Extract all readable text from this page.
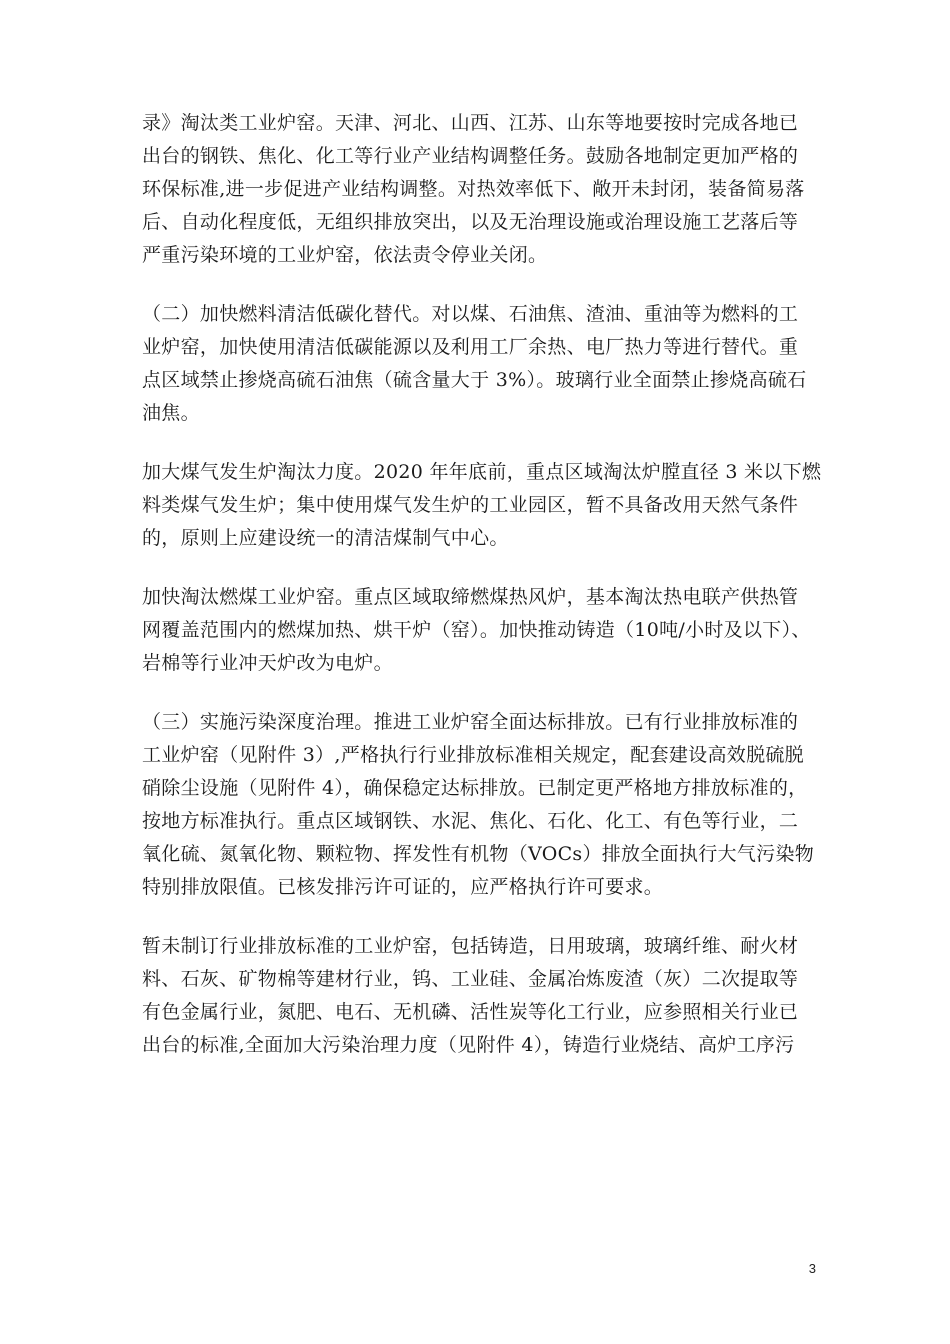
录》淘汰类工业炉窑。天津、河北、山西、江苏、山东等地要按时完成各地已
出台的钢铁、焦化、化工等行业产业结构调整任务。鼓励各地制定更加严格的
环保标准,进一步促进产业结构调整。对热效率低下、敞开未封闭，装备简易落
后、自动化程度低，无组织排放突出，以及无治理设施或治理设施工艺落后等
严重污染环境的工业炉窑，依法责令停业关闭。

（二）加快燃料清洁低碳化替代。对以煤、石油焦、渣油、重油等为燃料的工
业炉窑，加快使用清洁低碳能源以及利用工厂余热、电厂热力等进行替代。重
点区域禁止掺烧高硫石油焦（硫含量大于 3%）。玻璃行业全面禁止掺烧高硫石
油焦。

加大煤气发生炉淘汰力度。2020 年年底前，重点区域淘汰炉膛直径 3 米以下燃
料类煤气发生炉；集中使用煤气发生炉的工业园区，暂不具备改用天然气条件
的，原则上应建设统一的清洁煤制气中心。

加快淘汰燃煤工业炉窑。重点区域取缔燃煤热风炉，基本淘汰热电联产供热管
网覆盖范围内的燃煤加热、烘干炉（窑）。加快推动铸造（10吨/小时及以下）、
岩棉等行业冲天炉改为电炉。

（三）实施污染深度治理。推进工业炉窑全面达标排放。已有行业排放标准的
工业炉窑（见附件 3）,严格执行行业排放标准相关规定，配套建设高效脱硫脱
硝除尘设施（见附件 4），确保稳定达标排放。已制定更严格地方排放标准的，
按地方标准执行。重点区域钢铁、水泥、焦化、石化、化工、有色等行业，二
氧化硫、氮氧化物、颗粒物、挥发性有机物（VOCs）排放全面执行大气污染物
特别排放限值。已核发排污许可证的，应严格执行许可要求。

暂未制订行业排放标准的工业炉窑，包括铸造，日用玻璃，玻璃纤维、耐火材
料、石灰、矿物棉等建材行业，钨、工业硅、金属冶炼废渣（灰）二次提取等
有色金属行业，氮肥、电石、无机磷、活性炭等化工行业，应参照相关行业已
出台的标准,全面加大污染治理力度（见附件 4），铸造行业烧结、高炉工序污

3
